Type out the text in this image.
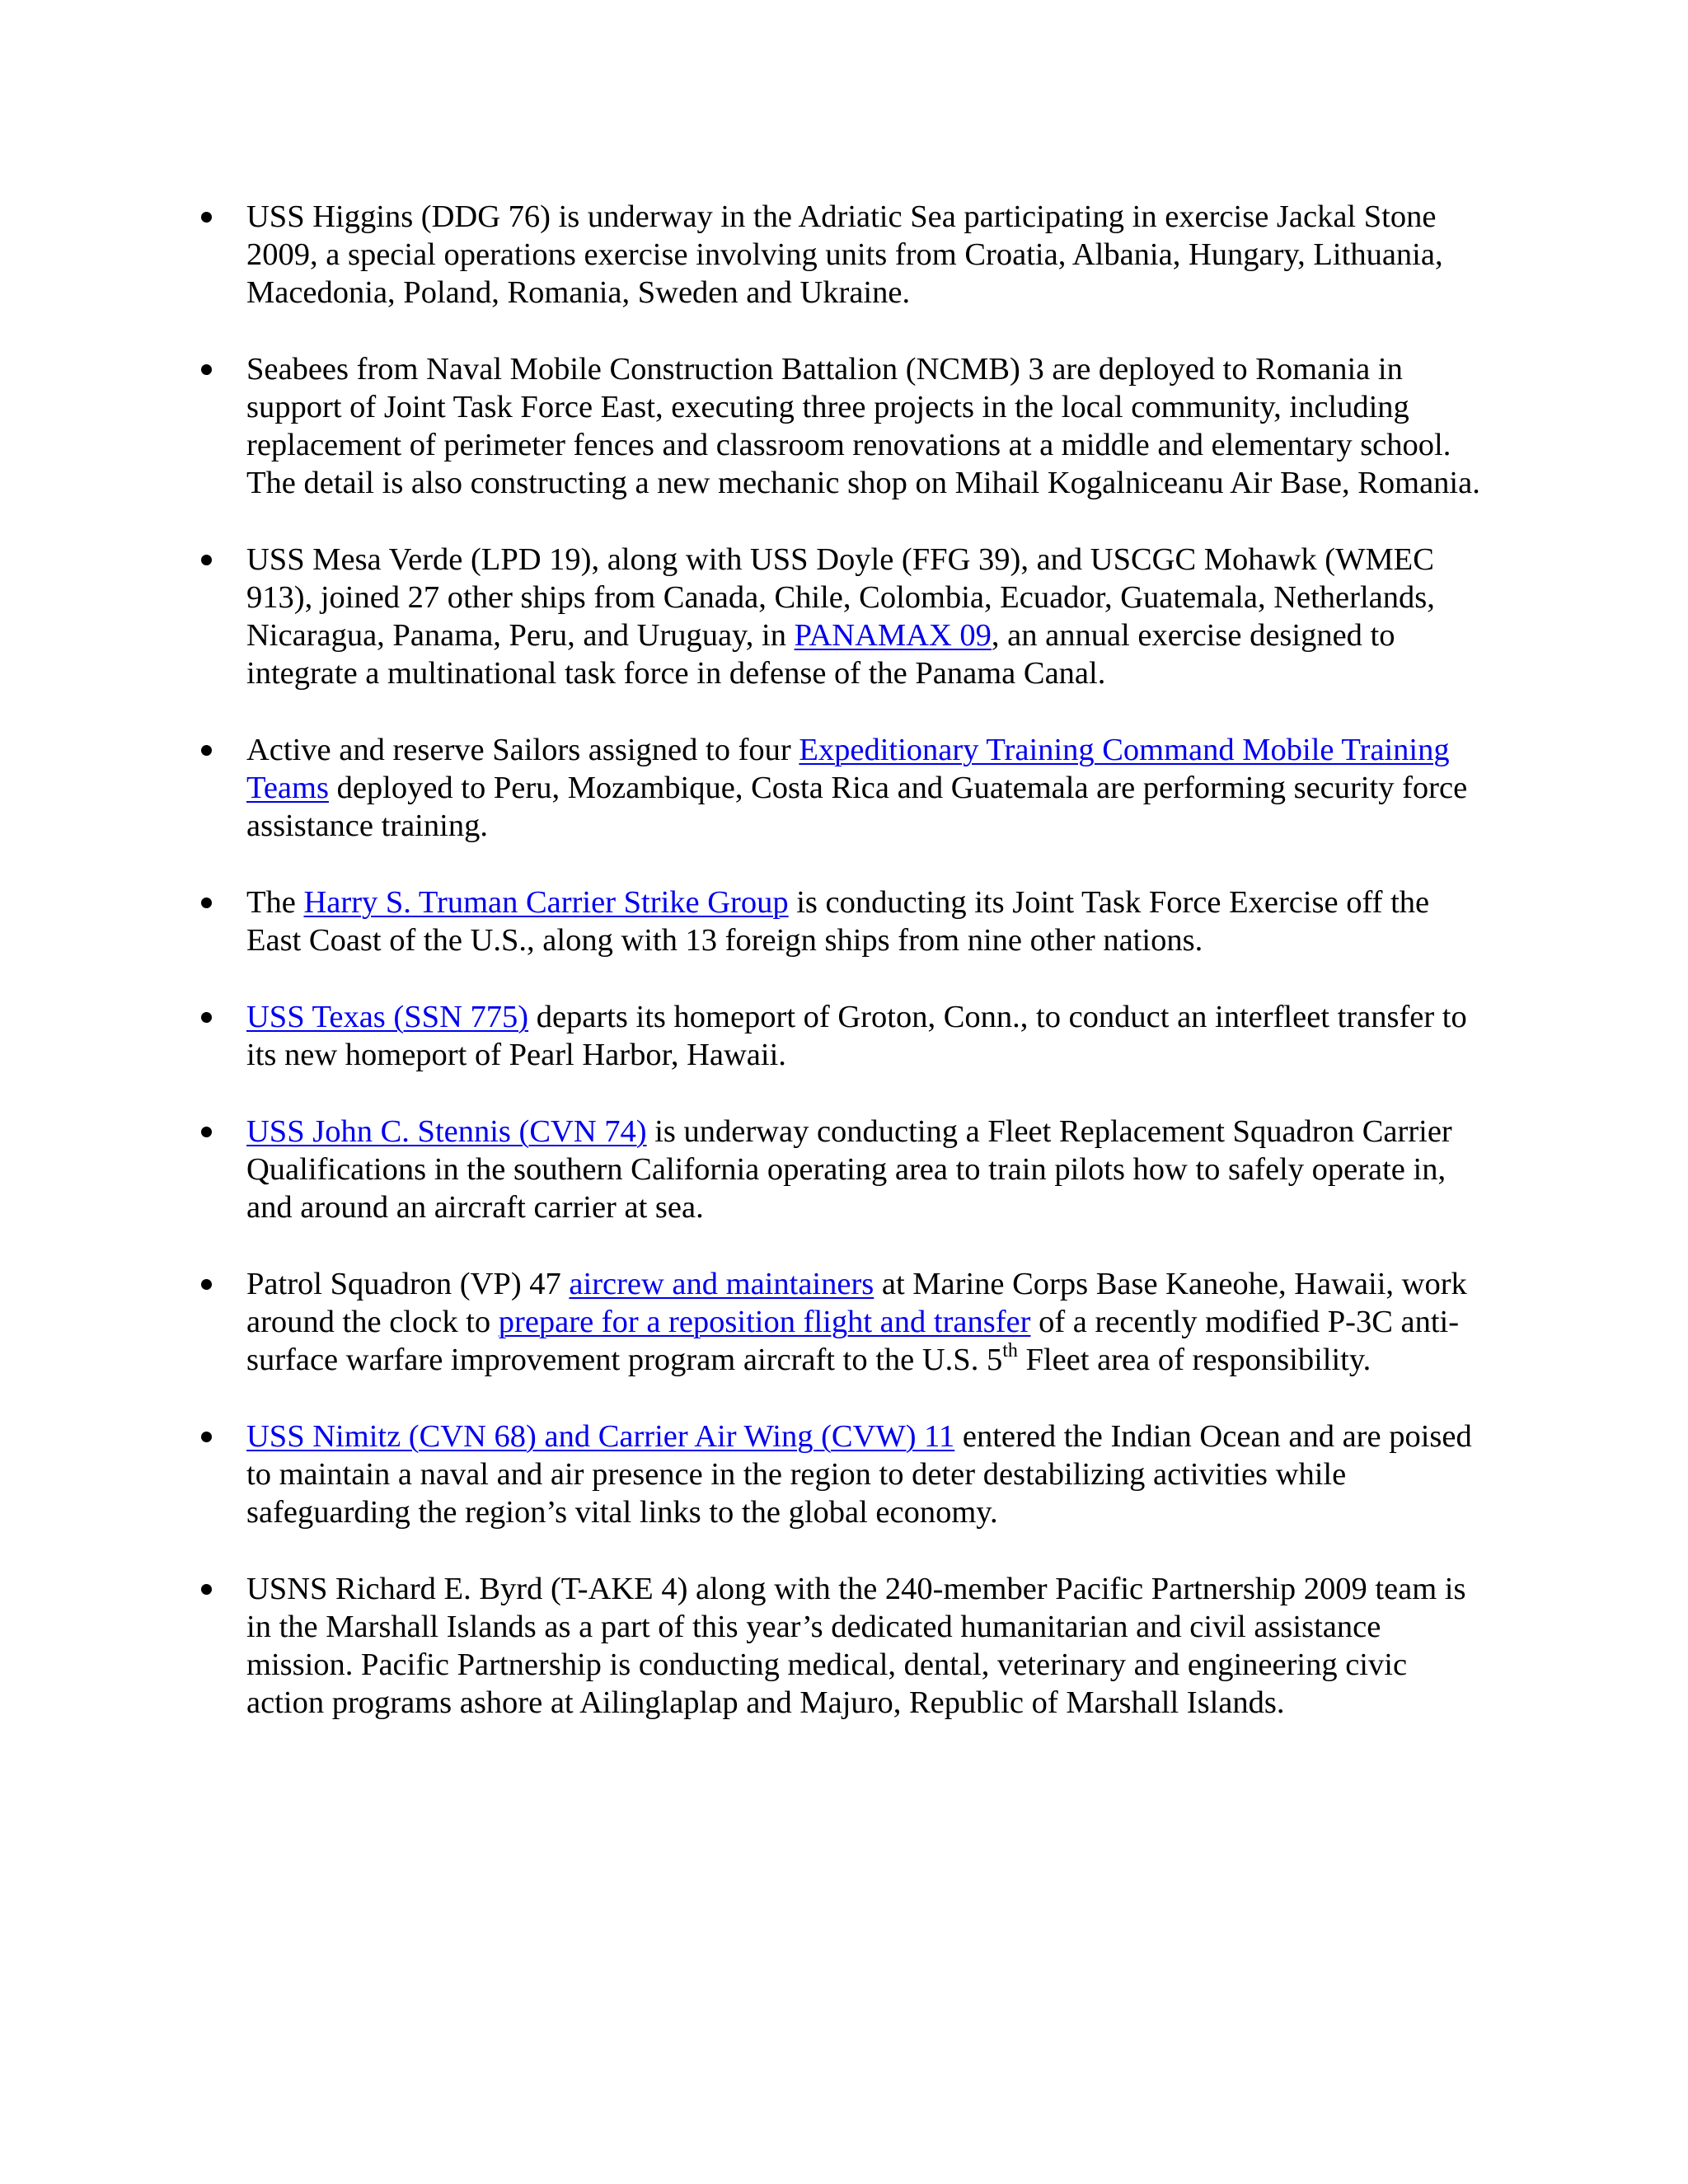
USS Higgins (DDG 76) is underway in the Adriatic Sea participating in exercise Jackal Stone 2009, a special operations exercise involving units from Croatia, Albania, Hungary, Lithuania, Macedonia, Poland, Romania, Sweden and Ukraine.
Seabees from Naval Mobile Construction Battalion (NCMB) 3 are deployed to Romania in support of Joint Task Force East, executing three projects in the local community, including replacement of perimeter fences and classroom renovations at a middle and elementary school. The detail is also constructing a new mechanic shop on Mihail Kogalniceanu Air Base, Romania.
USS Mesa Verde (LPD 19), along with USS Doyle (FFG 39), and USCGC Mohawk (WMEC 913), joined 27 other ships from Canada, Chile, Colombia, Ecuador, Guatemala, Netherlands, Nicaragua, Panama, Peru, and Uruguay, in PANAMAX 09, an annual exercise designed to integrate a multinational task force in defense of the Panama Canal.
Active and reserve Sailors assigned to four Expeditionary Training Command Mobile Training Teams deployed to Peru, Mozambique, Costa Rica and Guatemala are performing security force assistance training.
The Harry S. Truman Carrier Strike Group is conducting its Joint Task Force Exercise off the East Coast of the U.S., along with 13 foreign ships from nine other nations.
USS Texas (SSN 775) departs its homeport of Groton, Conn., to conduct an interfleet transfer to its new homeport of Pearl Harbor, Hawaii.
USS John C. Stennis (CVN 74) is underway conducting a Fleet Replacement Squadron Carrier Qualifications in the southern California operating area to train pilots how to safely operate in, and around an aircraft carrier at sea.
Patrol Squadron (VP) 47 aircrew and maintainers at Marine Corps Base Kaneohe, Hawaii, work around the clock to prepare for a reposition flight and transfer of a recently modified P-3C anti-surface warfare improvement program aircraft to the U.S. 5th Fleet area of responsibility.
USS Nimitz (CVN 68) and Carrier Air Wing (CVW) 11 entered the Indian Ocean and are poised to maintain a naval and air presence in the region to deter destabilizing activities while safeguarding the region’s vital links to the global economy.
USNS Richard E. Byrd (T-AKE 4) along with the 240-member Pacific Partnership 2009 team is in the Marshall Islands as a part of this year’s dedicated humanitarian and civil assistance mission. Pacific Partnership is conducting medical, dental, veterinary and engineering civic action programs ashore at Ailinglaplap and Majuro, Republic of Marshall Islands.
